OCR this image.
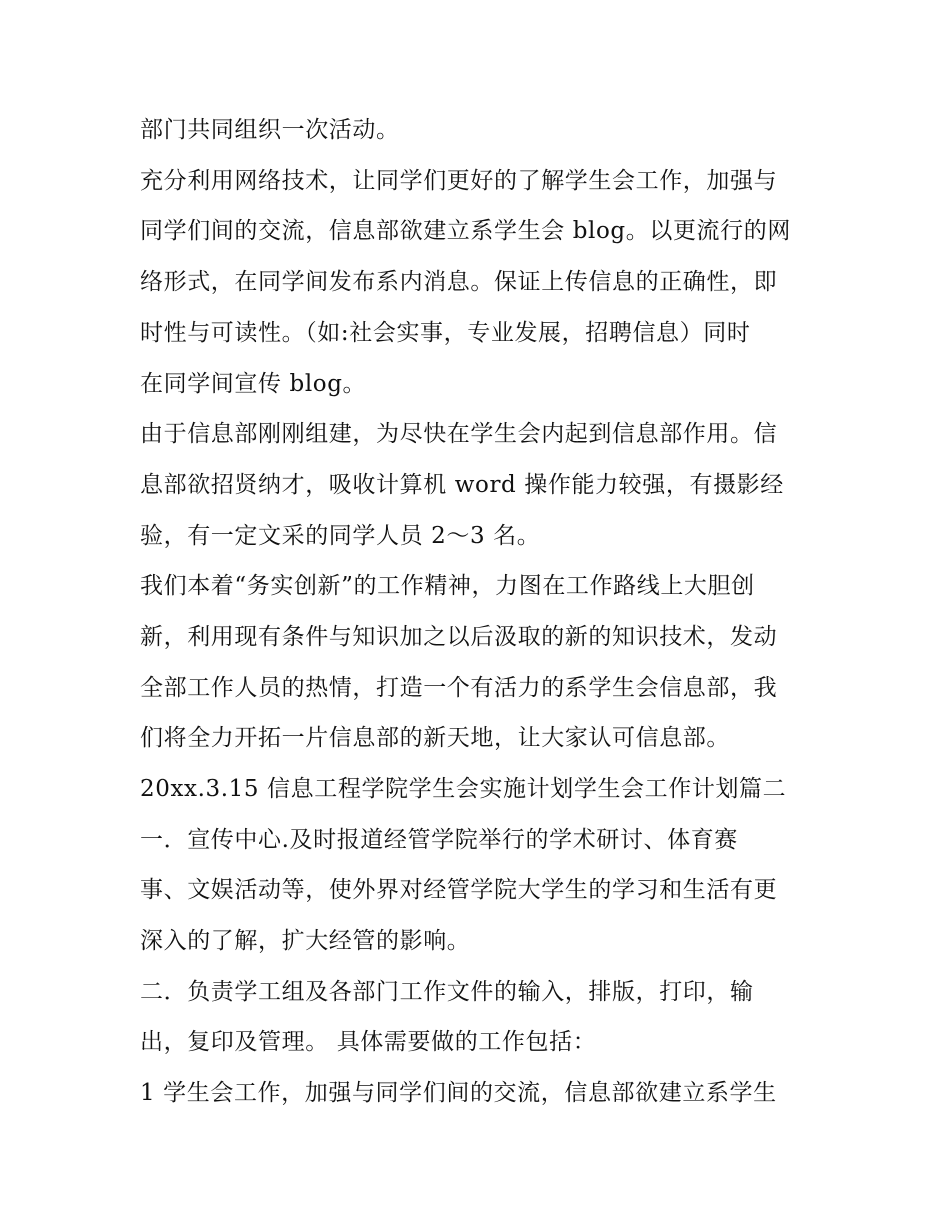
部门共同组织一次活动。
充分利用网络技术，让同学们更好的了解学生会工作，加强与
同学们间的交流，信息部欲建立系学生会 blog。以更流行的网
络形式，在同学间发布系内消息。保证上传信息的正确性，即
时性与可读性。（如:社会实事，专业发展，招聘信息）同时
在同学间宣传 blog。
由于信息部刚刚组建，为尽快在学生会内起到信息部作用。信
息部欲招贤纳才，吸收计算机 word 操作能力较强，有摄影经
验，有一定文采的同学人员 2～3 名。
我们本着“务实创新”的工作精神，力图在工作路线上大胆创
新，利用现有条件与知识加之以后汲取的新的知识技术，发动
全部工作人员的热情，打造一个有活力的系学生会信息部，我
们将全力开拓一片信息部的新天地，让大家认可信息部。
20xx.3.15 信息工程学院学生会实施计划学生会工作计划篇二
一．宣传中心.及时报道经管学院举行的学术研讨、体育赛
事、文娱活动等，使外界对经管学院大学生的学习和生活有更
深入的了解，扩大经管的影响。
二．负责学工组及各部门工作文件的输入，排版，打印，输
出，复印及管理。 具体需要做的工作包括：
1 学生会工作，加强与同学们间的交流，信息部欲建立系学生
